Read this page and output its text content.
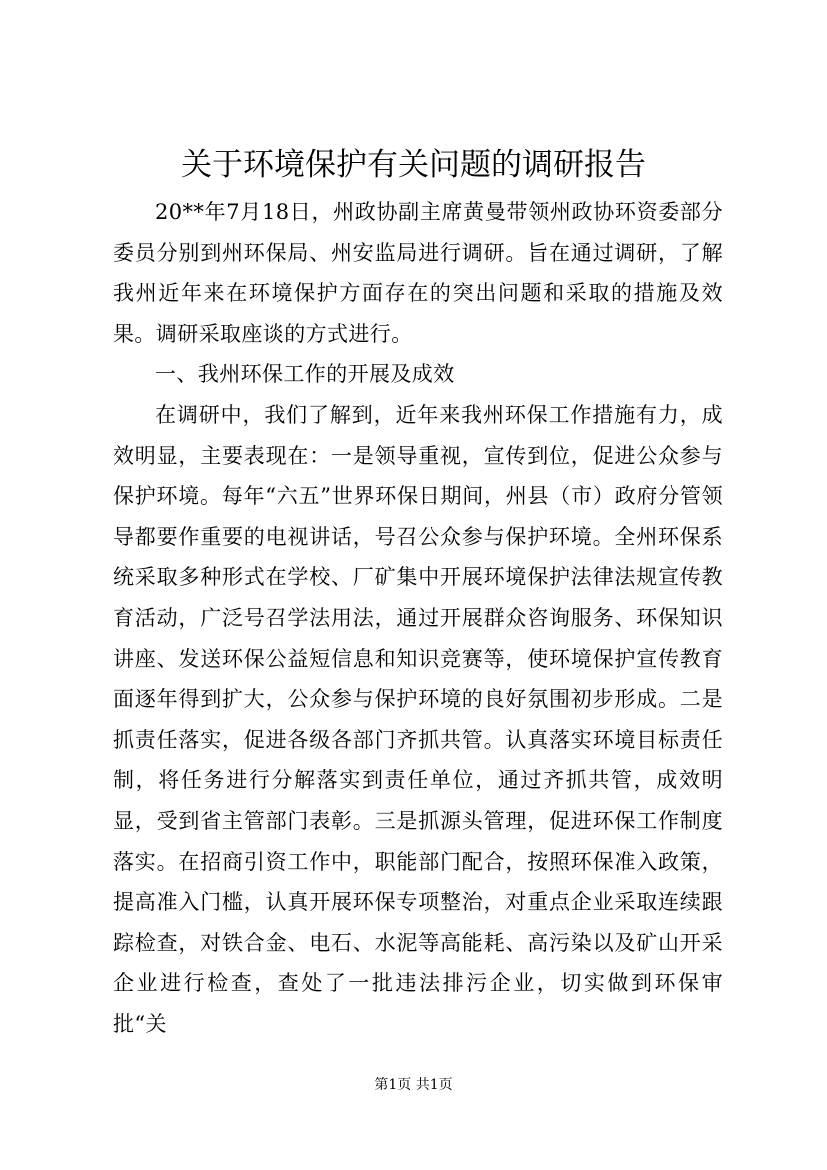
关于环境保护有关问题的调研报告

20**年7月18日，州政协副主席黄曼带领州政协环资委部分委员分别到州环保局、州安监局进行调研。旨在通过调研，了解我州近年来在环境保护方面存在的突出问题和采取的措施及效果。调研采取座谈的方式进行。

一、我州环保工作的开展及成效

在调研中，我们了解到，近年来我州环保工作措施有力，成效明显，主要表现在：一是领导重视，宣传到位，促进公众参与保护环境。每年“六五”世界环保日期间，州县（市）政府分管领导都要作重要的电视讲话，号召公众参与保护环境。全州环保系统采取多种形式在学校、厂矿集中开展环境保护法律法规宣传教育活动，广泛号召学法用法，通过开展群众咨询服务、环保知识讲座、发送环保公益短信息和知识竞赛等，使环境保护宣传教育面逐年得到扩大，公众参与保护环境的良好氛围初步形成。二是抓责任落实，促进各级各部门齐抓共管。认真落实环境目标责任制，将任务进行分解落实到责任单位，通过齐抓共管，成效明显，受到省主管部门表彰。三是抓源头管理，促进环保工作制度落实。在招商引资工作中，职能部门配合，按照环保准入政策，提高准入门槛，认真开展环保专项整治，对重点企业采取连续跟踪检查，对铁合金、电石、水泥等高能耗、高污染以及矿山开采企业进行检查，查处了一批违法排污企业，切实做到环保审批“关

第1页 共1页
